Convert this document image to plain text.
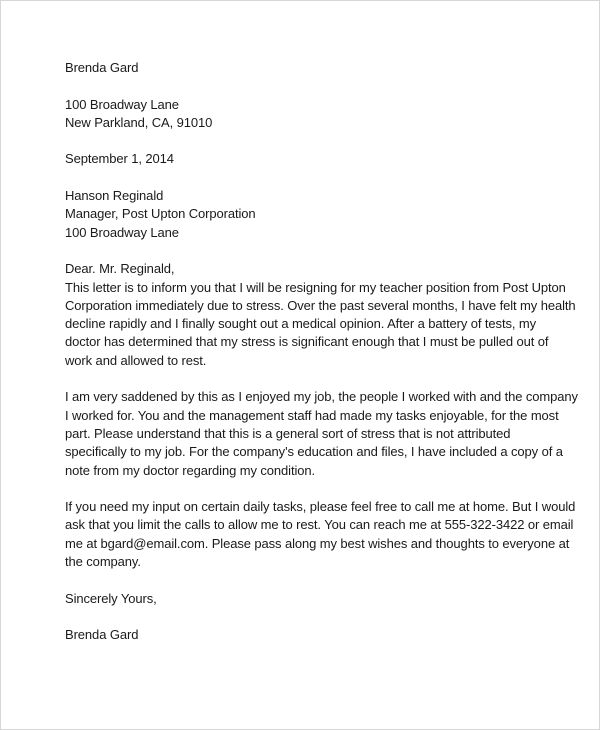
Brenda Gard
100 Broadway Lane
New Parkland, CA, 91010
September 1, 2014
Hanson Reginald
Manager, Post Upton Corporation
100 Broadway Lane
Dear. Mr. Reginald,

This letter is to inform you that I will be resigning for my teacher position from Post Upton
Corporation immediately due to stress. Over the past several months, I have felt my health
decline rapidly and I finally sought out a medical opinion. After a battery of tests, my
doctor has determined that my stress is significant enough that I must be pulled out of
work and allowed to rest.

I am very saddened by this as I enjoyed my job, the people I worked with and the company
I worked for. You and the management staff had made my tasks enjoyable, for the most
part. Please understand that this is a general sort of stress that is not attributed
specifically to my job. For the company's education and files, I have included a copy of a
note from my doctor regarding my condition.

If you need my input on certain daily tasks, please feel free to call me at home. But I would
ask that you limit the calls to allow me to rest. You can reach me at 555-322-3422 or email
me at bgard@email.com. Please pass along my best wishes and thoughts to everyone at
the company.

Sincerely Yours,
Brenda Gard
